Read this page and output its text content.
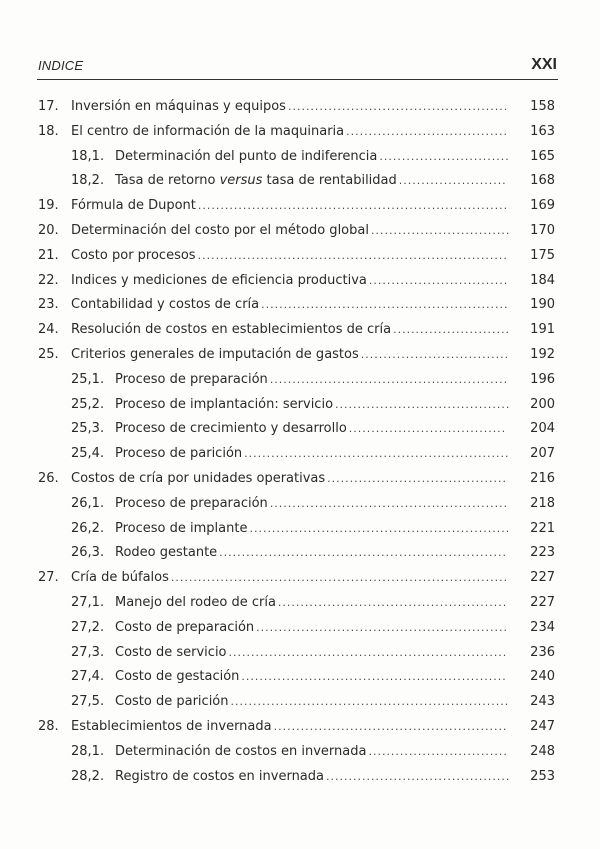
INDICE	XXI
17. Inversión en máquinas y equipos .................................................	158
18. El centro de información de la maquinaria ....................................	163
18,1. Determinación del punto de indiferencia .............................	165
18,2. Tasa de retorno versus tasa de rentabilidad ........................	168
19. Fórmula de Dupont .....................................................................	169
20. Determinación del costo por el método global ...............................	170
21. Costo por procesos .....................................................................	175
22. Indices y mediciones de eficiencia productiva ...............................	184
23. Contabilidad y costos de cría .......................................................	190
24. Resolución de costos en establecimientos de cría ..........................	191
25. Criterios generales de imputación de gastos .................................	192
25,1. Proceso de preparación .....................................................	196
25,2. Proceso de implantación: servicio .......................................	200
25,3. Proceso de crecimiento y desarrollo ...................................	204
25,4. Proceso de parición ...........................................................	207
26. Costos de cría por unidades operativas ........................................	216
26,1. Proceso de preparación .....................................................	218
26,2. Proceso de implante ..........................................................	221
26,3. Rodeo gestante ................................................................	223
27. Cría de búfalos ...........................................................................	227
27,1. Manejo del rodeo de cría ...................................................	227
27,2. Costo de preparación ........................................................	234
27,3. Costo de servicio ..............................................................	236
27,4. Costo de gestación ...........................................................	240
27,5. Costo de parición ..............................................................	243
28. Establecimientos de invernada ....................................................	247
28,1. Determinación de costos en invernada ...............................	248
28,2. Registro de costos en invernada .........................................	253
